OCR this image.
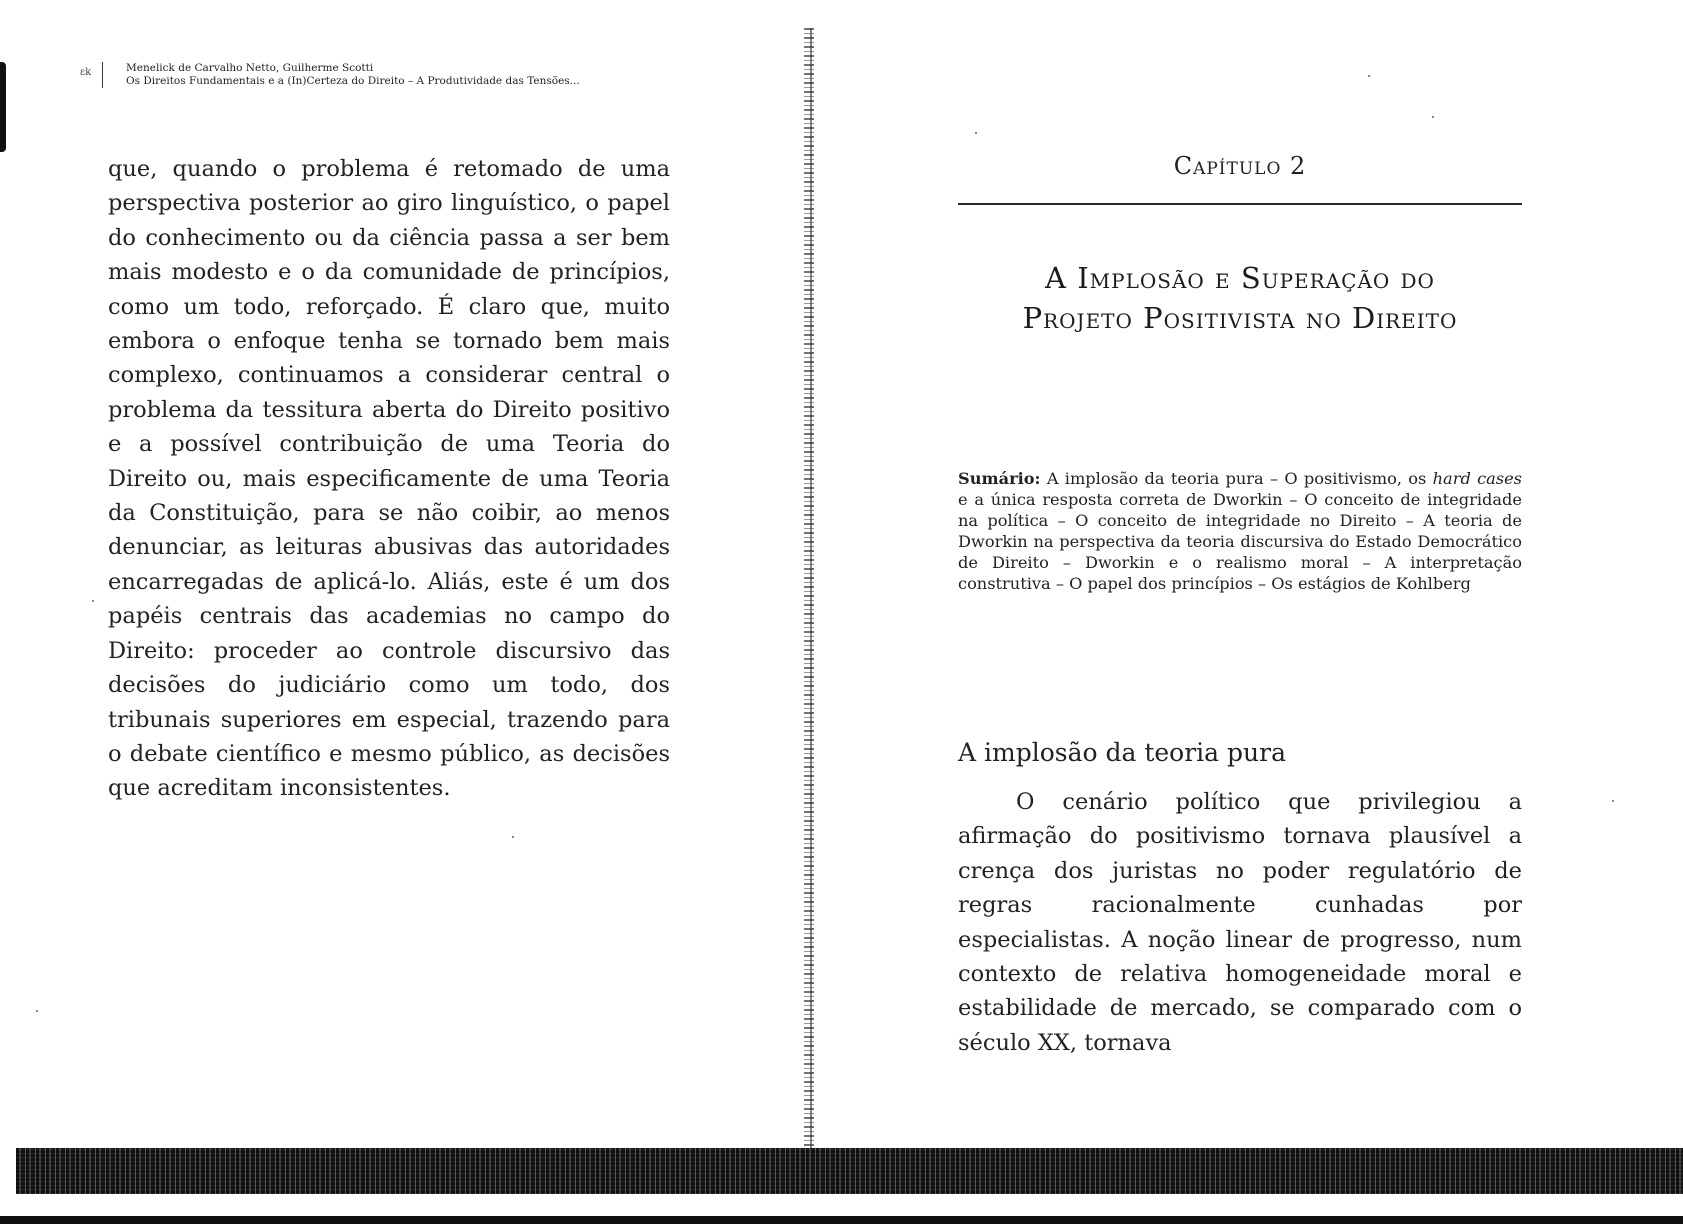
ɛk	Menelick de Carvalho Netto, Guilherme Scotti
Os Direitos Fundamentais e a (In)Certeza do Direito – A Produtividade das Tensões...

que, quando o problema é retomado de uma perspectiva posterior ao giro linguístico, o papel do conhecimento ou da ciência passa a ser bem mais modesto e o da comunidade de princípios, como um todo, reforçado. É claro que, muito embora o enfoque tenha se tornado bem mais complexo, continuamos a considerar central o problema da tessitura aberta do Direito positivo e a possível contribuição de uma Teoria do Direito ou, mais especificamente de uma Teoria da Constituição, para se não coibir, ao menos denunciar, as leituras abusivas das autoridades encarregadas de aplicá-lo. Aliás, este é um dos papéis centrais das academias no campo do Direito: proceder ao controle discursivo das decisões do judiciário como um todo, dos tribunais superiores em especial, trazendo para o debate científico e mesmo público, as decisões que acreditam inconsistentes.

Capítulo 2
A Implosão e Superação do
Projeto Positivista no Direito
Sumário: A implosão da teoria pura – O positivismo, os hard cases e a única resposta correta de Dworkin – O conceito de integridade na política – O conceito de integridade no Direito – A teoria de Dworkin na perspectiva da teoria discursiva do Estado Democrático de Direito – Dworkin e o realismo moral – A interpretação construtiva – O papel dos princípios – Os estágios de Kohlberg
A implosão da teoria pura

O cenário político que privilegiou a afirmação do positivismo tornava plausível a crença dos juristas no poder regulatório de regras racionalmente cunhadas por especialistas. A noção linear de progresso, num contexto de relativa homogeneidade moral e estabilidade de mercado, se comparado com o século XX, tornava
